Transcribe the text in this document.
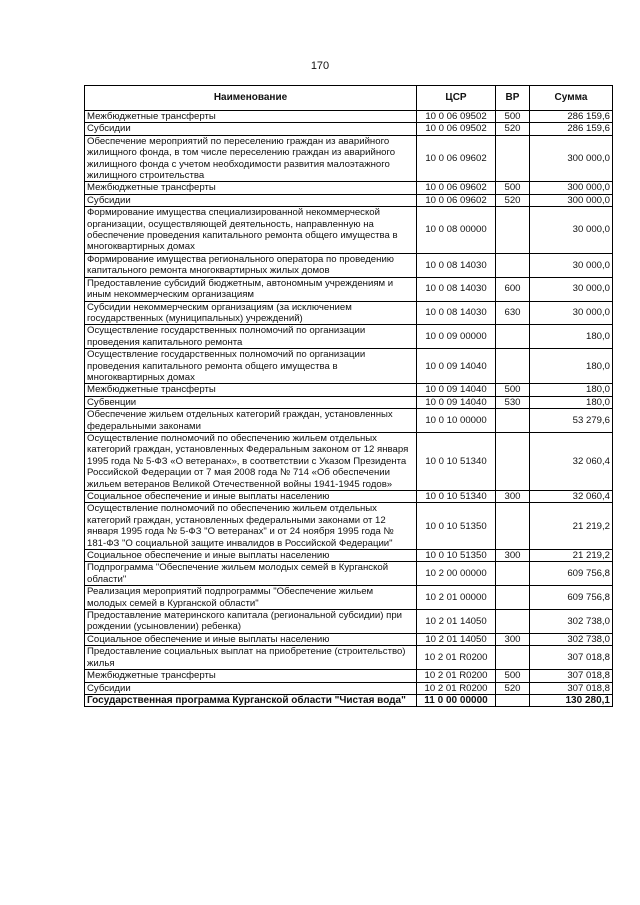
170
Наименование	ЦСР	ВР	Сумма
Межбюджетные трансферты	10 0 06 09502	500	286 159,6
Субсидии	10 0 06 09502	520	286 159,6
Обеспечение мероприятий по переселению граждан из аварийного жилищного фонда, в том числе переселению граждан из аварийного жилищного фонда с учетом необходимости развития малоэтажного жилищного строительства	10 0 06 09602		300 000,0
Межбюджетные трансферты	10 0 06 09602	500	300 000,0
Субсидии	10 0 06 09602	520	300 000,0
Формирование имущества специализированной некоммерческой организации, осуществляющей деятельность, направленную на обеспечение проведения капитального ремонта общего имущества в многоквартирных домах	10 0 08 00000		30 000,0
Формирование имущества регионального оператора по проведению капитального ремонта многоквартирных жилых домов	10 0 08 14030		30 000,0
Предоставление субсидий бюджетным, автономным учреждениям и иным некоммерческим организациям	10 0 08 14030	600	30 000,0
Субсидии некоммерческим организациям (за исключением государственных (муниципальных) учреждений)	10 0 08 14030	630	30 000,0
Осуществление государственных полномочий по организации проведения капитального ремонта	10 0 09 00000		180,0
Осуществление государственных полномочий по организации проведения капитального ремонта общего имущества в многоквартирных домах	10 0 09 14040		180,0
Межбюджетные трансферты	10 0 09 14040	500	180,0
Субвенции	10 0 09 14040	530	180,0
Обеспечение жильем отдельных категорий граждан, установленных федеральными законами	10 0 10 00000		53 279,6
Осуществление полномочий по обеспечению жильем отдельных категорий граждан, установленных Федеральным законом от 12 января 1995 года № 5-ФЗ «О ветеранах», в соответствии с Указом Президента Российской Федерации от 7 мая 2008 года № 714 «Об обеспечении жильем ветеранов Великой Отечественной войны 1941-1945 годов»	10 0 10 51340		32 060,4
Социальное обеспечение и иные выплаты населению	10 0 10 51340	300	32 060,4
Осуществление полномочий по обеспечению жильем отдельных категорий граждан, установленных федеральными законами от 12 января 1995 года № 5-ФЗ "О ветеранах" и от 24 ноября 1995 года № 181-ФЗ "О социальной защите инвалидов в Российской Федерации"	10 0 10 51350		21 219,2
Социальное обеспечение и иные выплаты населению	10 0 10 51350	300	21 219,2
Подпрограмма "Обеспечение жильем молодых семей в Курганской области"	10 2 00 00000		609 756,8
Реализация мероприятий подпрограммы "Обеспечение жильем молодых семей в Курганской области"	10 2 01 00000		609 756,8
Предоставление материнского капитала (региональной субсидии) при рождении (усыновлении) ребенка)	10 2 01 14050		302 738,0
Социальное обеспечение и иные выплаты населению	10 2 01 14050	300	302 738,0
Предоставление социальных выплат на приобретение (строительство) жилья	10 2 01 R0200		307 018,8
Межбюджетные трансферты	10 2 01 R0200	500	307 018,8
Субсидии	10 2 01 R0200	520	307 018,8
Государственная программа Курганской области "Чистая вода"	11 0 00 00000		130 280,1
